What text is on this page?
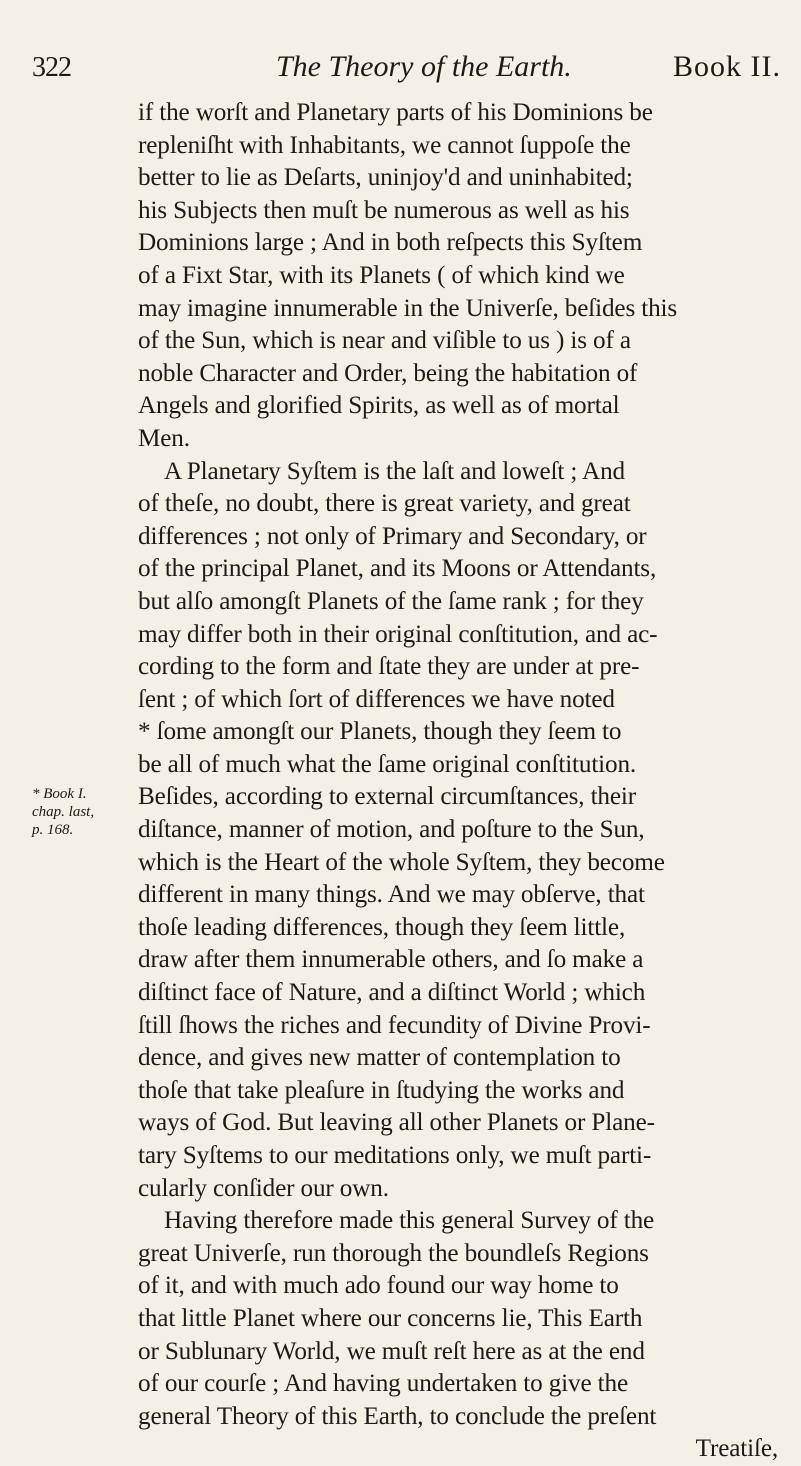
322	The Theory of the Earth.	Book II.
* Book I.
chap. last,
p. 168.
if the worſt and Planetary parts of his Dominions be
repleniſht with Inhabitants, we cannot ſuppoſe the
better to lie as Deſarts, uninjoy'd and uninhabited;
his Subjects then muſt be numerous as well as his
Dominions large ; And in both reſpects this Syſtem
of a Fixt Star, with its Planets ( of which kind we
may imagine innumerable in the Univerſe, beſides this
of the Sun, which is near and viſible to us ) is of a
noble Character and Order, being the habitation of
Angels and glorified Spirits, as well as of mortal
Men.
A Planetary Syſtem is the laſt and loweſt ; And
of theſe, no doubt, there is great variety, and great
differences ; not only of Primary and Secondary, or
of the principal Planet, and its Moons or Attendants,
but alſo amongſt Planets of the ſame rank ; for they
may differ both in their original conſtitution, and ac-
cording to the form and ſtate they are under at pre-
ſent ; of which ſort of differences we have noted
* ſome amongſt our Planets, though they ſeem to
be all of much what the ſame original conſtitution.
Beſides, according to external circumſtances, their
diſtance, manner of motion, and poſture to the Sun,
which is the Heart of the whole Syſtem, they become
different in many things. And we may obſerve, that
thoſe leading differences, though they ſeem little,
draw after them innumerable others, and ſo make a
diſtinct face of Nature, and a diſtinct World ; which
ſtill ſhows the riches and fecundity of Divine Provi-
dence, and gives new matter of contemplation to
thoſe that take pleaſure in ſtudying the works and
ways of God. But leaving all other Planets or Plane-
tary Syſtems to our meditations only, we muſt parti-
cularly conſider our own.
Having therefore made this general Survey of the
great Univerſe, run thorough the boundleſs Regions
of it, and with much ado found our way home to
that little Planet where our concerns lie, This Earth
or Sublunary World, we muſt reſt here as at the end
of our courſe ; And having undertaken to give the
general Theory of this Earth, to conclude the preſent
Treatiſe,
